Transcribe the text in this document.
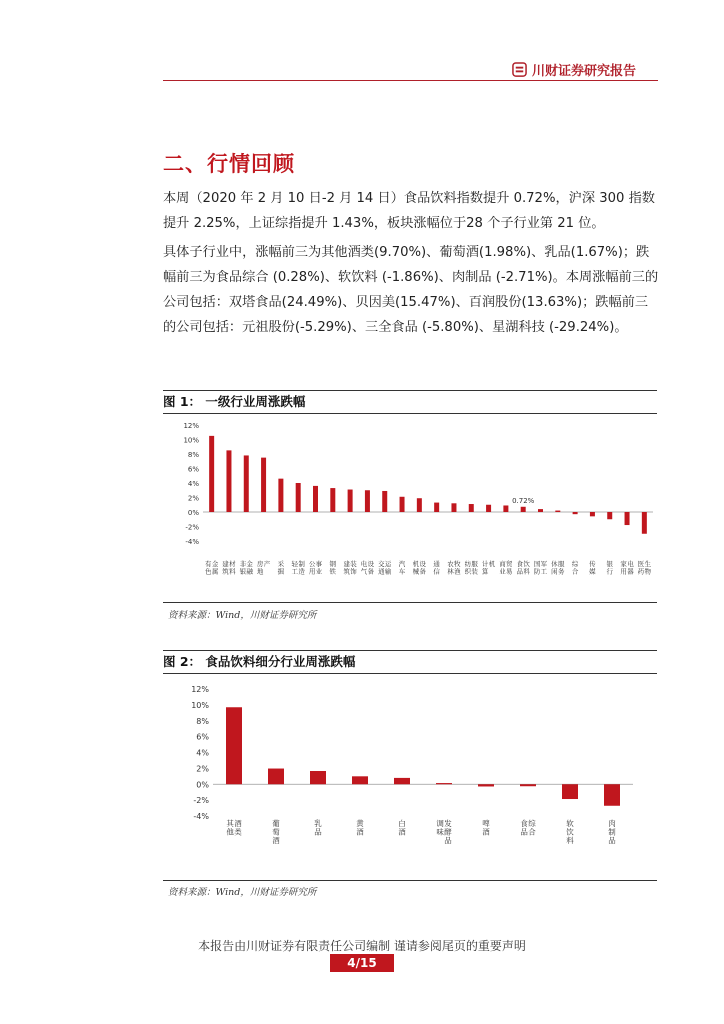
川财证券研究报告
二、行情回顾
本周（2020 年 2 月 10 日-2 月 14 日）食品饮料指数提升 0.72%，沪深 300 指数提升 2.25%，上证综指提升 1.43%，板块涨幅位于28 个子行业第 21 位。
具体子行业中，涨幅前三为其他酒类(9.70%)、葡萄酒(1.98%)、乳品(1.67%)；跌幅前三为食品综合 (0.28%)、软饮料 (-1.86%)、肉制品 (-2.71%)。本周涨幅前三的公司包括：双塔食品(24.49%)、贝因美(15.47%)、百润股份(13.63%)；跌幅前三的公司包括：元祖股份(-5.29%)、三全食品 (-5.80%)、星湖科技 (-29.24%)。
图 1： 一级行业周涨跌幅
12%
10%
8%
6%
4%
2%
0%
-2%
-4%
有
色
金
属
建
筑
材
料
非
银
金
融
房
地
产 采
掘
轻
工
制
造
公
用
事
业
钢
铁
建
筑
装
饰
电
气
设
备
交
通
运
输
汽
车
机
械
设
备
通
信
农
林
牧
渔
纺
织
服
装
计
算
机 商
业
贸
易
食
品
饮
料
国
防
军
工
休
闲
服
务
综
合
传
媒
银
行
家
用
电
器
医
药
生
物
0.72%
资料来源：Wind，川财证券研究所
图 2： 食品饮料细分行业周涨跌幅
12%
10%
8%
6%
4%
2%
0%
-2%
-4%
其
他
酒
类
葡
萄
酒
乳
品
黄
酒
白
酒
调
味
发
酵
品
啤
酒
食
品
综
合
软
饮
料
肉
制
品
资料来源：Wind，川财证券研究所
本报告由川财证券有限责任公司编制 谨请参阅尾页的重要声明
4/15
